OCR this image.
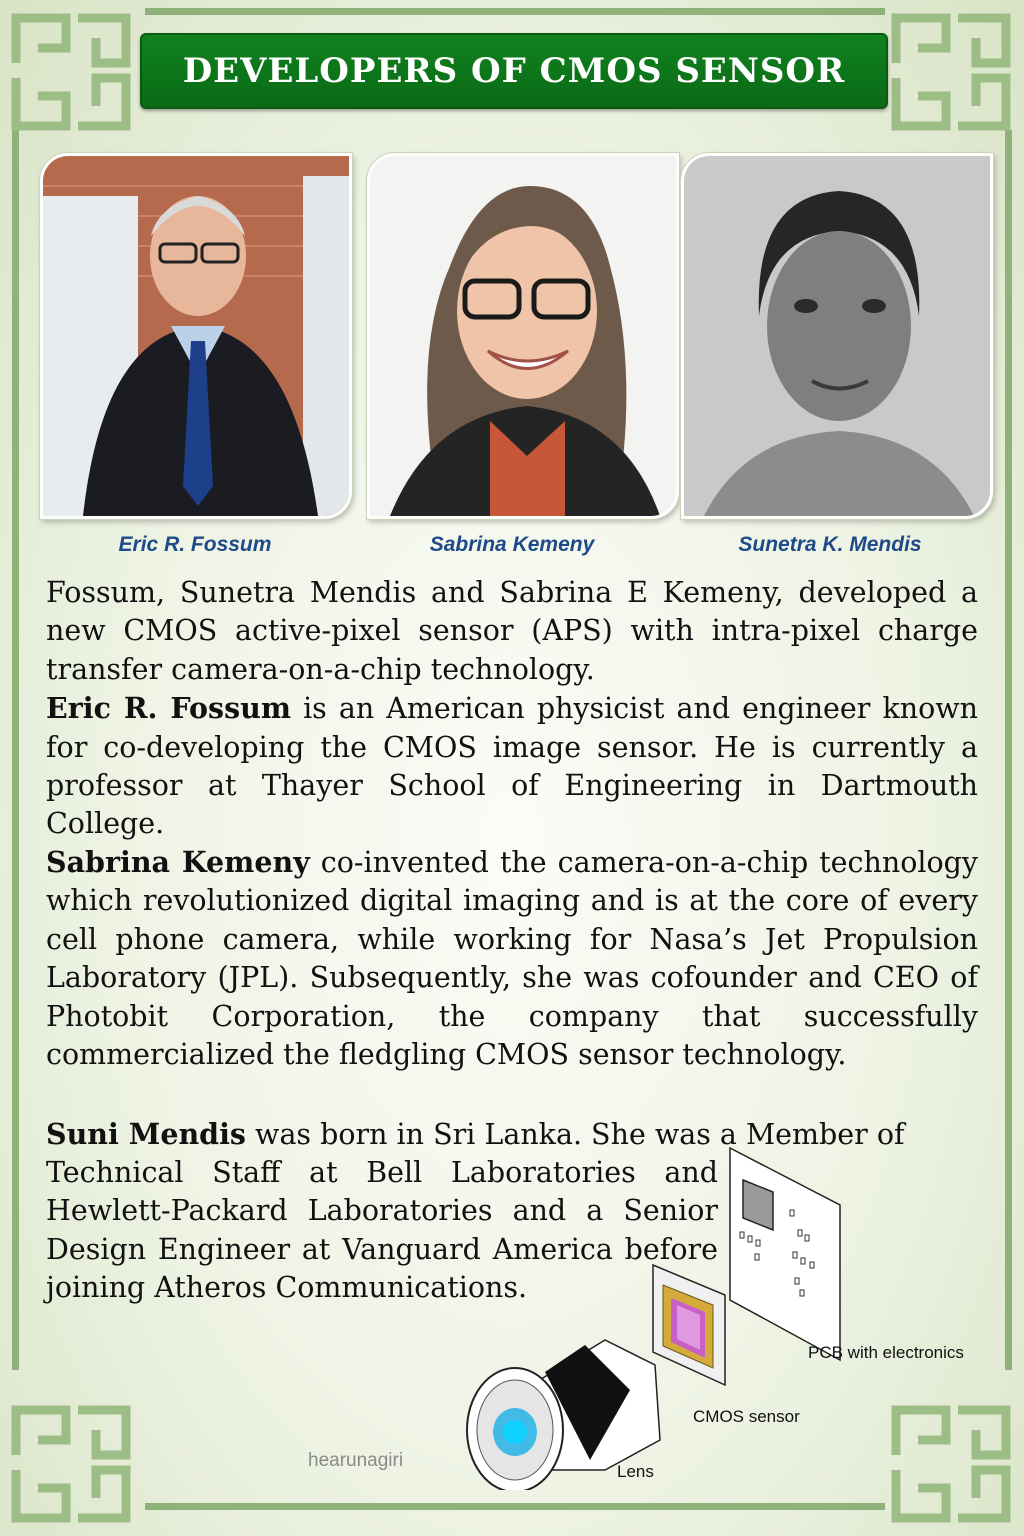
DEVELOPERS OF CMOS SENSOR
Eric R. Fossum	Sabrina Kemeny	Sunetra K. Mendis
Fossum, Sunetra Mendis and Sabrina E Kemeny, developed a new CMOS active-pixel sensor (APS) with intra-pixel charge transfer camera-on-a-chip technology.
Eric R. Fossum is an American physicist and engineer known for co-developing the CMOS image sensor. He is currently a professor at Thayer School of Engineering in Dartmouth College.
Sabrina Kemeny co-invented the camera-on-a-chip technology which revolutionized digital imaging and is at the core of every cell phone camera, while working for Nasa’s Jet Propulsion Laboratory (JPL). Subsequently, she was cofounder and CEO of Photobit Corporation, the company that successfully commercialized the fledgling CMOS sensor technology.
Suni Mendis was born in Sri Lanka. She was a Member of
Technical Staff at Bell Laboratories and Hewlett-Packard Laboratories and a Senior Design Engineer at Vanguard America before joining Atheros Communications.
PCB with electronics
CMOS sensor
Lens
hearunagiri
